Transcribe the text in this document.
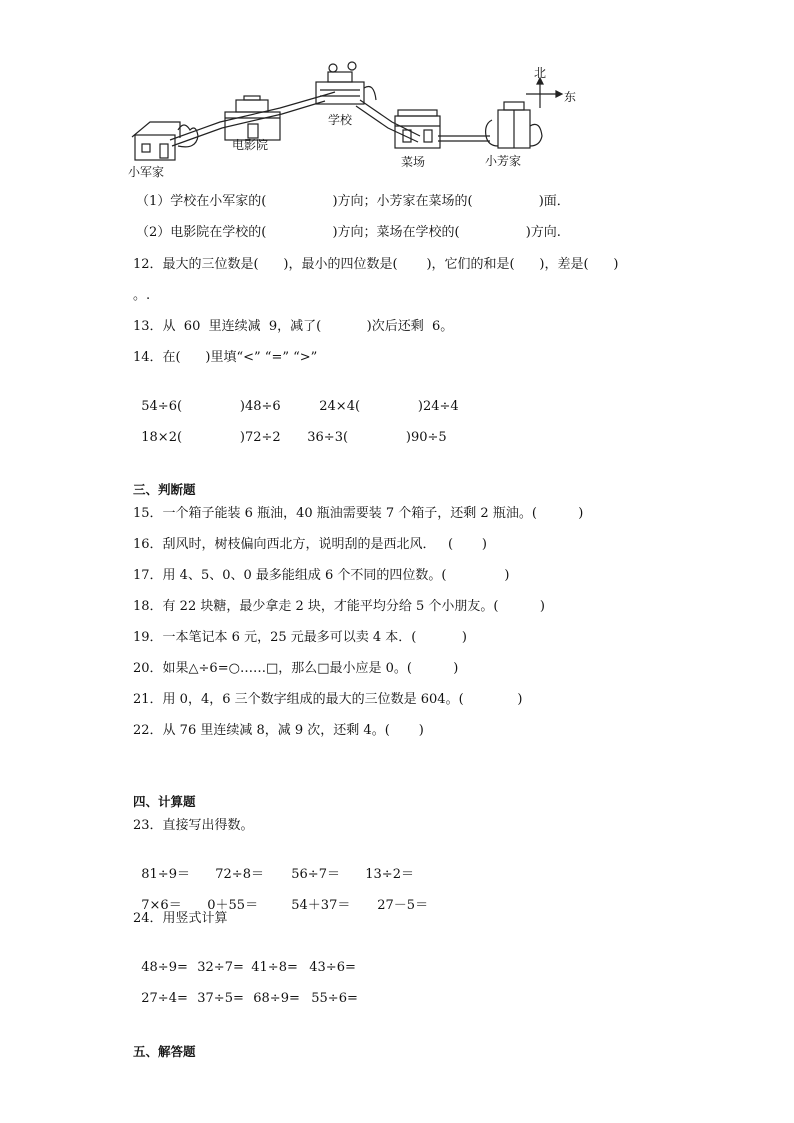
北
东
小军家
电影院
学校
菜场	小芳家
（1）学校在小军家的(                )方向；小芳家在菜场的(                )面．
（2）电影院在学校的(                )方向；菜场在学校的(                )方向.
12．最大的三位数是(      )，最小的四位数是(       )，它们的和是(      )，差是(      )
。.
13．从  60  里连续减  9，减了(           )次后还剩  6。
14．在(      )里填“<” “=” “>”

54÷6(              )48÷6	24×4(              )24÷4

18×2(              )72÷2 36÷3(              )90÷5

三、判断题
15．一个箱子能装 6 瓶油，40 瓶油需要装 7 个箱子，还剩 2 瓶油。(          )
16．刮风时，树枝偏向西北方，说明刮的是西北风．   (       )
17．用 4、5、0、0 最多能组成 6 个不同的四位数。(              )
18．有 22 块糖，最少拿走 2 块，才能平均分给 5 个小朋友。(          )
19．一本笔记本 6 元，25 元最多可以卖 4 本．(           )
20．如果△÷6=○……□，那么□最小应是 0。(          )
21．用 0，4，6 三个数字组成的最大的三位数是 604。(             )
22．从 76 里连续减 8，减 9 次，还剩 4。(       )
四、计算题
23．直接写出得数。

81÷9＝ 72÷8＝ 56÷7＝ 13÷2＝

7×6＝ 0＋55＝	54＋37＝ 27－5＝

24．用竖式计算

48÷9= 32÷7= 41÷8= 43÷6=

27÷4= 37÷5= 68÷9= 55÷6=

五、解答题
